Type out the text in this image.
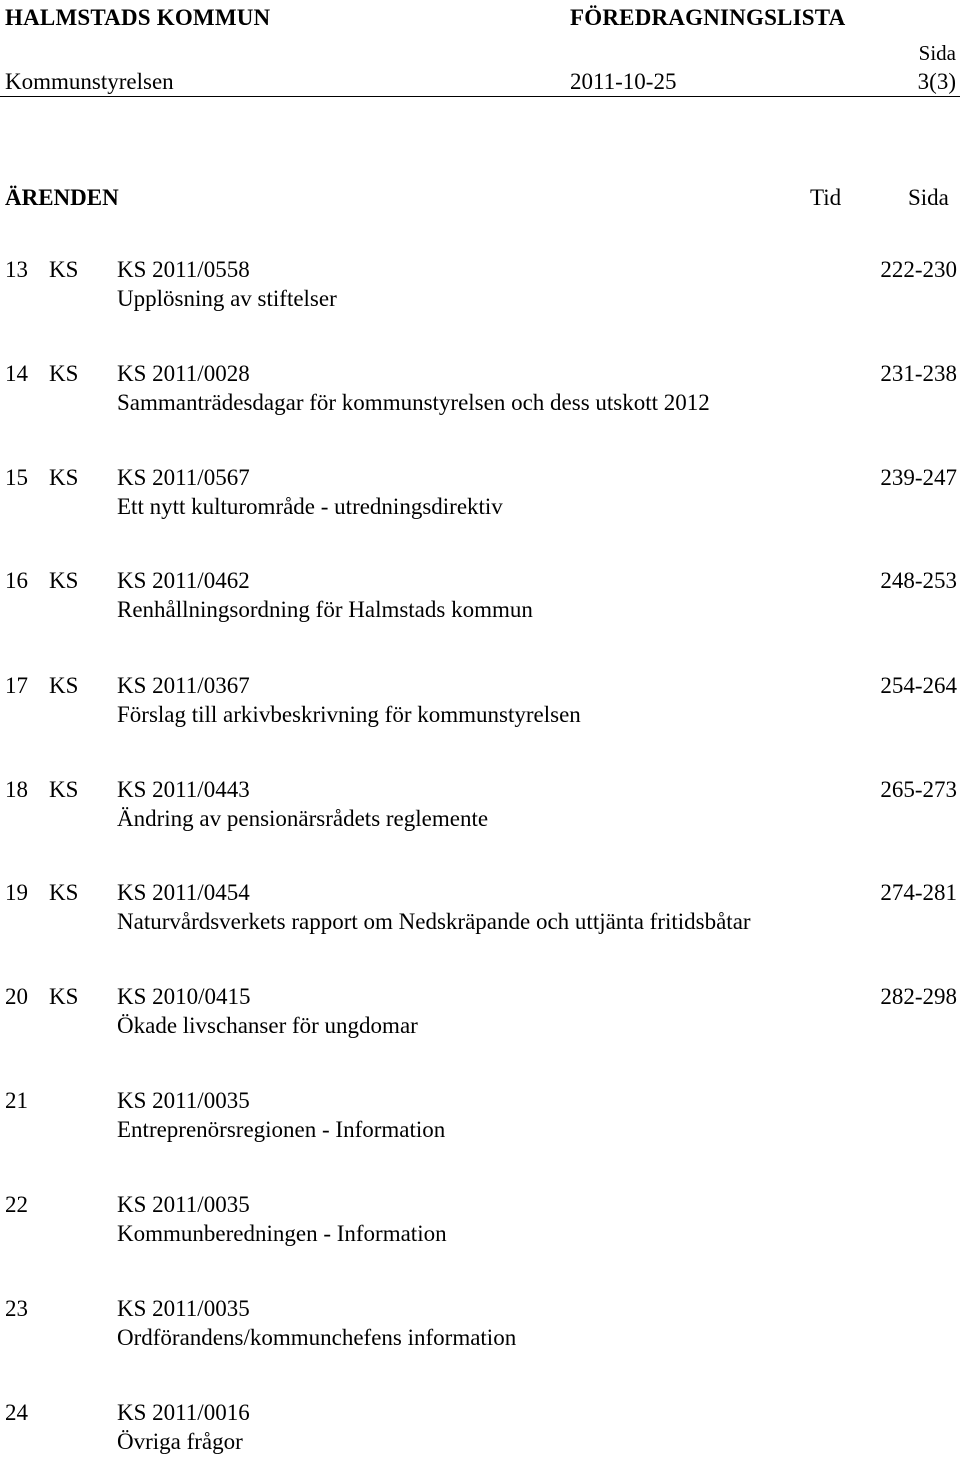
HALMSTADS KOMMUN	FÖREDRAGNINGSLISTA
Sida
Kommunstyrelsen	2011-10-25	3(3)
ÄRENDEN	Tid	Sida
13 KS KS 2011/0558	222-230
Upplösning av stiftelser
14 KS KS 2011/0028	231-238
Sammanträdesdagar för kommunstyrelsen och dess utskott 2012
15 KS KS 2011/0567	239-247
Ett nytt kulturområde - utredningsdirektiv
16 KS KS 2011/0462	248-253
Renhållningsordning för Halmstads kommun
17 KS KS 2011/0367	254-264
Förslag till arkivbeskrivning för kommunstyrelsen
18 KS KS 2011/0443	265-273
Ändring av pensionärsrådets reglemente
19 KS KS 2011/0454	274-281
Naturvårdsverkets rapport om Nedskräpande och uttjänta fritidsbåtar
20 KS KS 2010/0415	282-298
Ökade livschanser för ungdomar
21	KS 2011/0035
Entreprenörsregionen - Information
22	KS 2011/0035
Kommunberedningen - Information
23	KS 2011/0035
Ordförandens/kommunchefens information
24	KS 2011/0016
Övriga frågor
